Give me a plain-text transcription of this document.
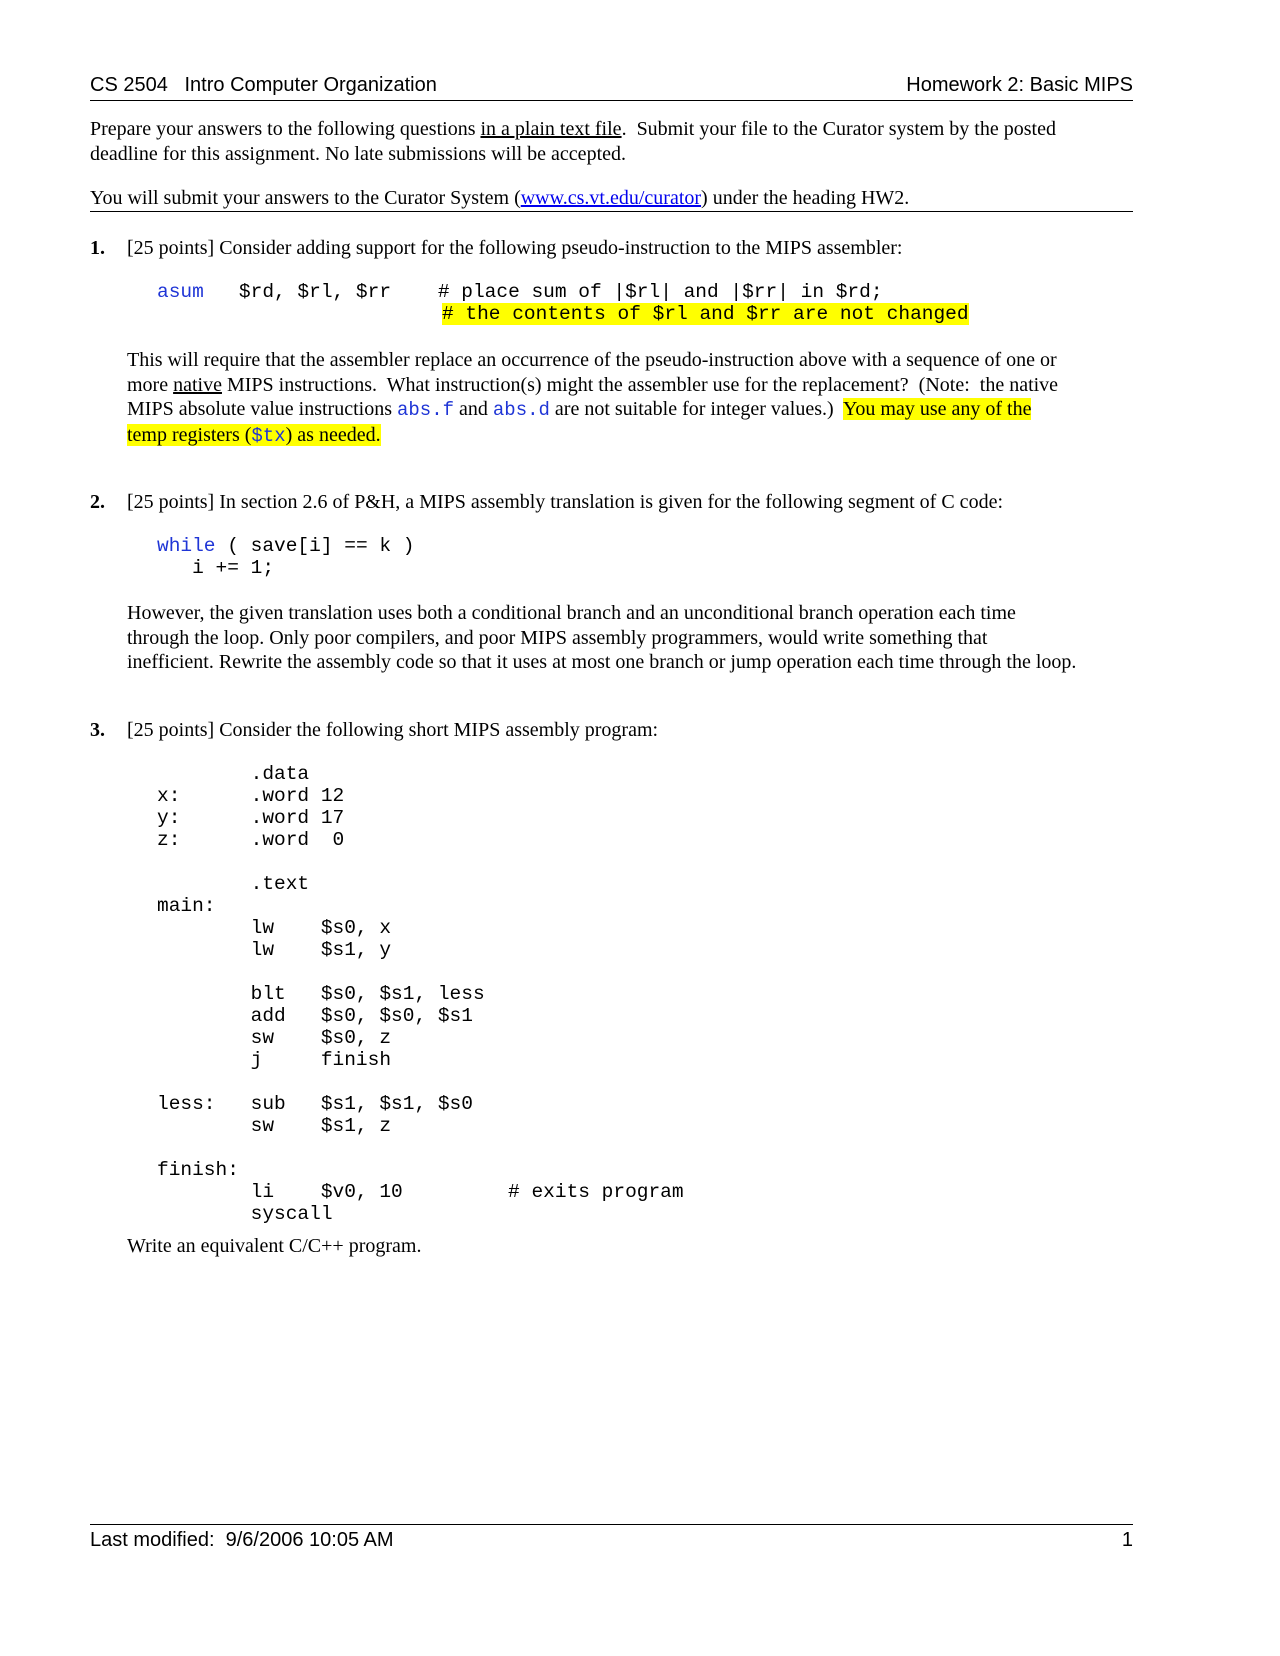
CS 2504   Intro Computer Organization	Homework 2: Basic MIPS
Prepare your answers to the following questions in a plain text file.  Submit your file to the Curator system by the posted
deadline for this assignment. No late submissions will be accepted.
You will submit your answers to the Curator System (www.cs.vt.edu/curator) under the heading HW2.
1. [25 points] Consider adding support for the following pseudo-instruction to the MIPS assembler:
asum   $rd, $rl, $rr    # place sum of |$rl| and |$rr| in $rd;
# the contents of $rl and $rr are not changed
This will require that the assembler replace an occurrence of the pseudo-instruction above with a sequence of one or
more native MIPS instructions.  What instruction(s) might the assembler use for the replacement?  (Note:  the native
MIPS absolute value instructions abs.f and abs.d are not suitable for integer values.)  You may use any of the
temp registers ($tx) as needed.
2. [25 points] In section 2.6 of P&H, a MIPS assembly translation is given for the following segment of C code:
while ( save[i] == k )
i += 1;
However, the given translation uses both a conditional branch and an unconditional branch operation each time
through the loop. Only poor compilers, and poor MIPS assembly programmers, would write something that
inefficient. Rewrite the assembly code so that it uses at most one branch or jump operation each time through the loop.
3. [25 points] Consider the following short MIPS assembly program:
.data
x:      .word 12
y:      .word 17
z:      .word  0

.text
main:
lw    $s0, x
lw    $s1, y

blt   $s0, $s1, less
add   $s0, $s0, $s1
sw    $s0, z
j     finish

less:   sub   $s1, $s1, $s0
sw    $s1, z

finish:
li    $v0, 10         # exits program
syscall
Write an equivalent C/C++ program.
Last modified:  9/6/2006 10:05 AM	1
